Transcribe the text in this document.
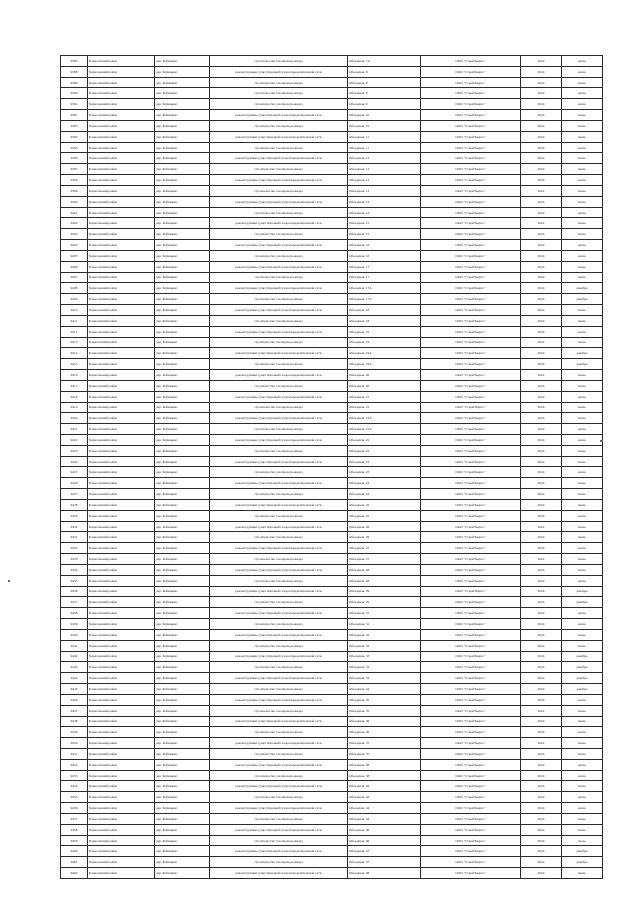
9382	Борисовский район	дер. Кобищево	строительство газопровода-ввода	Обьездная, 7А	ООО "СтройЭнерго"	2024	июль
9388	Борисовский район	дер. Кобищево	реконструкция существующей газораспределительной сети	Обьездная, 8	ООО "СтройЭнерго"	2024	июль
9389	Борисовский район	дер. Кобищево	строительство газопровода-ввода	Обьездная, 8	ООО "СтройЭнерго"	2024	июль
9390	Борисовский район	дер. Кобищево	строительство газопровода-ввода	Обьездная, 9	ООО "СтройЭнерго"	2024	июль
9391	Борисовский район	дер. Кобищево	строительство газопровода-ввода	Обьездная, 9	ООО "СтройЭнерго"	2024	июль
9392	Борисовский район	дер. Кобищево	реконструкция существующей газораспределительной сети	Обьездная, 10	ООО "СтройЭнерго"	2024	июль
9393	Борисовский район	дер. Кобищево	строительство газопровода-ввода	Обьездная, 10	ООО "СтройЭнерго"	2024	июль
9394	Борисовский район	дер. Кобищево	реконструкция существующей газораспределительной сети	Обьездная, 11	ООО "СтройЭнерго"	2024	июль
9395	Борисовский район	дер. Кобищево	строительство газопровода-ввода	Обьездная, 11	ООО "СтройЭнерго"	2024	июль
9396	Борисовский район	дер. Кобищево	реконструкция существующей газораспределительной сети	Обьездная, 12	ООО "СтройЭнерго"	2024	июль
9397	Борисовский район	дер. Кобищево	строительство газопровода-ввода	Обьездная, 12	ООО "СтройЭнерго"	2024	июль
9398	Борисовский район	дер. Кобищево	реконструкция существующей газораспределительной сети	Обьездная, 13	ООО "СтройЭнерго"	2024	июль
9399	Борисовский район	дер. Кобищево	строительство газопровода-ввода	Обьездная, 13	ООО "СтройЭнерго"	2024	июль
9400	Борисовский район	дер. Кобищево	реконструкция существующей газораспределительной сети	Обьездная, 14	ООО "СтройЭнерго"	2024	июль
9401	Борисовский район	дер. Кобищево	строительство газопровода-ввода	Обьездная, 14	ООО "СтройЭнерго"	2024	июль
9402	Борисовский район	дер. Кобищево	реконструкция существующей газораспределительной сети	Обьездная, 15	ООО "СтройЭнерго"	2024	июль
9403	Борисовский район	дер. Кобищево	строительство газопровода-ввода	Обьездная, 15	ООО "СтройЭнерго"	2024	июль
9404	Борисовский район	дер. Кобищево	реконструкция существующей газораспределительной сети	Обьездная, 16	ООО "СтройЭнерго"	2024	июль
9405	Борисовский район	дер. Кобищево	строительство газопровода-ввода	Обьездная, 16	ООО "СтройЭнерго"	2024	июль
9406	Борисовский район	дер. Кобищево	реконструкция существующей газораспределительной сети	Обьездная, 17	ООО "СтройЭнерго"	2024	июль
9407	Борисовский район	дер. Кобищево	строительство газопровода-ввода	Обьездная, 17	ООО "СтройЭнерго"	2024	июль
9408	Борисовский район	дер. Кобищево	реконструкция существующей газораспределительной сети	Обьездная, 17А	ООО "СтройЭнерго"	2024	декабрь
9409	Борисовский район	дер. Кобищево	строительство газопровода-ввода	Обьездная, 17А	ООО "СтройЭнерго"	2024	декабрь
9410	Борисовский район	дер. Кобищево	реконструкция существующей газораспределительной сети	Обьездная, 18	ООО "СтройЭнерго"	2024	июль
9411	Борисовский район	дер. Кобищево	строительство газопровода-ввода	Обьездная, 18	ООО "СтройЭнерго"	2024	июль
9412	Борисовский район	дер. Кобищево	реконструкция существующей газораспределительной сети	Обьездная, 19	ООО "СтройЭнерго"	2024	июль
9413	Борисовский район	дер. Кобищево	строительство газопровода-ввода	Обьездная, 19	ООО "СтройЭнерго"	2024	июль
9414	Борисовский район	дер. Кобищево	реконструкция существующей газораспределительной сети	Обьездная, 19А	ООО "СтройЭнерго"	2024	декабрь
9415	Борисовский район	дер. Кобищево	строительство газопровода-ввода	Обьездная, 19А	ООО "СтройЭнерго"	2024	декабрь
9416	Борисовский район	дер. Кобищево	реконструкция существующей газораспределительной сети	Обьездная, 20	ООО "СтройЭнерго"	2024	июль
9417	Борисовский район	дер. Кобищево	строительство газопровода-ввода	Обьездная, 20	ООО "СтройЭнерго"	2024	июль
9418	Борисовский район	дер. Кобищево	реконструкция существующей газораспределительной сети	Обьездная, 21	ООО "СтройЭнерго"	2024	июль
9419	Борисовский район	дер. Кобищево	строительство газопровода-ввода	Обьездная, 21	ООО "СтройЭнерго"	2024	июль
9420	Борисовский район	дер. Кобищево	реконструкция существующей газораспределительной сети	Обьездная, 21А	ООО "СтройЭнерго"	2024	июль
9421	Борисовский район	дер. Кобищево	строительство газопровода-ввода	Обьездная, 21А	ООО "СтройЭнерго"	2024	июль
9422	Борисовский район	дер. Кобищево	реконструкция существующей газораспределительной сети	Обьездная, 22	ООО "СтройЭнерго"	2024	июль
9423	Борисовский район	дер. Кобищево	строительство газопровода-ввода	Обьездная, 22	ООО "СтройЭнерго"	2024	июль
9424	Борисовский район	дер. Кобищево	реконструкция существующей газораспределительной сети	Обьездная, 23	ООО "СтройЭнерго"	2024	июль
9425	Борисовский район	дер. Кобищево	строительство газопровода-ввода	Обьездная, 23	ООО "СтройЭнерго"	2024	июль
9426	Борисовский район	дер. Кобищево	реконструкция существующей газораспределительной сети	Обьездная, 24	ООО "СтройЭнерго"	2024	июль
9427	Борисовский район	дер. Кобищево	строительство газопровода-ввода	Обьездная, 24	ООО "СтройЭнерго"	2024	июль
9428	Борисовский район	дер. Кобищево	реконструкция существующей газораспределительной сети	Обьездная, 25	ООО "СтройЭнерго"	2024	июль
9429	Борисовский район	дер. Кобищево	строительство газопровода-ввода	Обьездная, 25	ООО "СтройЭнерго"	2024	июль
9430	Борисовский район	дер. Кобищево	реконструкция существующей газораспределительной сети	Обьездная, 26	ООО "СтройЭнерго"	2024	июль
9431	Борисовский район	дер. Кобищево	строительство газопровода-ввода	Обьездная, 26	ООО "СтройЭнерго"	2024	июль
9432	Борисовский район	дер. Кобищево	реконструкция существующей газораспределительной сети	Обьездная, 27	ООО "СтройЭнерго"	2024	июль
9433	Борисовский район	дер. Кобищево	строительство газопровода-ввода	Обьездная, 27	ООО "СтройЭнерго"	2024	июль
9434	Борисовский район	дер. Кобищево	реконструкция существующей газораспределительной сети	Обьездная, 28	ООО "СтройЭнерго"	2024	июль
9435	Борисовский район	дер. Кобищево	строительство газопровода-ввода	Обьездная, 28	ООО "СтройЭнерго"	2024	июль
9436	Борисовский район	дер. Кобищево	реконструкция существующей газораспределительной сети	Обьездная, 29	ООО "СтройЭнерго"	2024	декабрь
9437	Борисовский район	дер. Кобищево	строительство газопровода-ввода	Обьездная, 29	ООО "СтройЭнерго"	2024	декабрь
9438	Борисовский район	дер. Кобищево	реконструкция существующей газораспределительной сети	Обьездная, 31	ООО "СтройЭнерго"	2024	июль
9439	Борисовский район	дер. Кобищево	строительство газопровода-ввода	Обьездная, 31	ООО "СтройЭнерго"	2024	июль
9440	Борисовский район	дер. Кобищево	реконструкция существующей газораспределительной сети	Обьездная, 32	ООО "СтройЭнерго"	2024	июль
9441	Борисовский район	дер. Кобищево	строительство газопровода-ввода	Обьездная, 32	ООО "СтройЭнерго"	2024	июль
9442	Борисовский район	дер. Кобищево	реконструкция существующей газораспределительной сети	Обьездная, 33	ООО "СтройЭнерго"	2024	декабрь
9443	Борисовский район	дер. Кобищево	строительство газопровода-ввода	Обьездная, 33	ООО "СтройЭнерго"	2024	декабрь
9444	Борисовский район	дер. Кобищево	реконструкция существующей газораспределительной сети	Обьездная, 34	ООО "СтройЭнерго"	2024	декабрь
9445	Борисовский район	дер. Кобищево	строительство газопровода-ввода	Обьездная, 34	ООО "СтройЭнерго"	2024	декабрь
9446	Борисовский район	дер. Кобищево	реконструкция существующей газораспределительной сети	Обьездная, 35	ООО "СтройЭнерго"	2024	июль
9447	Борисовский район	дер. Кобищево	строительство газопровода-ввода	Обьездная, 35	ООО "СтройЭнерго"	2024	июль
9448	Борисовский район	дер. Кобищево	реконструкция существующей газораспределительной сети	Обьездная, 36	ООО "СтройЭнерго"	2024	июль
9449	Борисовский район	дер. Кобищево	строительство газопровода-ввода	Обьездная, 36	ООО "СтройЭнерго"	2024	июль
9450	Борисовский район	дер. Кобищево	реконструкция существующей газораспределительной сети	Обьездная, 37	ООО "СтройЭнерго"	2024	июль
9451	Борисовский район	дер. Кобищево	строительство газопровода-ввода	Обьездная, 37	ООО "СтройЭнерго"	2024	июль
9452	Борисовский район	дер. Кобищево	реконструкция существующей газораспределительной сети	Обьездная, 38	ООО "СтройЭнерго"	2024	июль
9453	Борисовский район	дер. Кобищево	строительство газопровода-ввода	Обьездная, 38	ООО "СтройЭнерго"	2024	июль
9454	Борисовский район	дер. Кобищево	реконструкция существующей газораспределительной сети	Обьездная, 42	ООО "СтройЭнерго"	2024	июль
9455	Борисовский район	дер. Кобищево	строительство газопровода-ввода	Обьездная, 42	ООО "СтройЭнерго"	2024	июль
9456	Борисовский район	дер. Кобищево	реконструкция существующей газораспределительной сети	Обьездная, 44	ООО "СтройЭнерго"	2024	июль
9457	Борисовский район	дер. Кобищево	строительство газопровода-ввода	Обьездная, 44	ООО "СтройЭнерго"	2024	июль
9458	Борисовский район	дер. Кобищево	реконструкция существующей газораспределительной сети	Обьездная, 46	ООО "СтройЭнерго"	2024	июль
9459	Борисовский район	дер. Кобищево	строительство газопровода-ввода	Обьездная, 46	ООО "СтройЭнерго"	2024	июль
9460	Борисовский район	дер. Кобищево	реконструкция существующей газораспределительной сети	Обьездная, 47	ООО "СтройЭнерго"	2024	декабрь
9461	Борисовский район	дер. Кобищево	строительство газопровода-ввода	Обьездная, 47	ООО "СтройЭнерго"	2024	декабрь
9462	Борисовский район	дер. Кобищево	реконструкция существующей газораспределительной сети	Обьездная, 48	ООО "СтройЭнерго"	2024	июль
